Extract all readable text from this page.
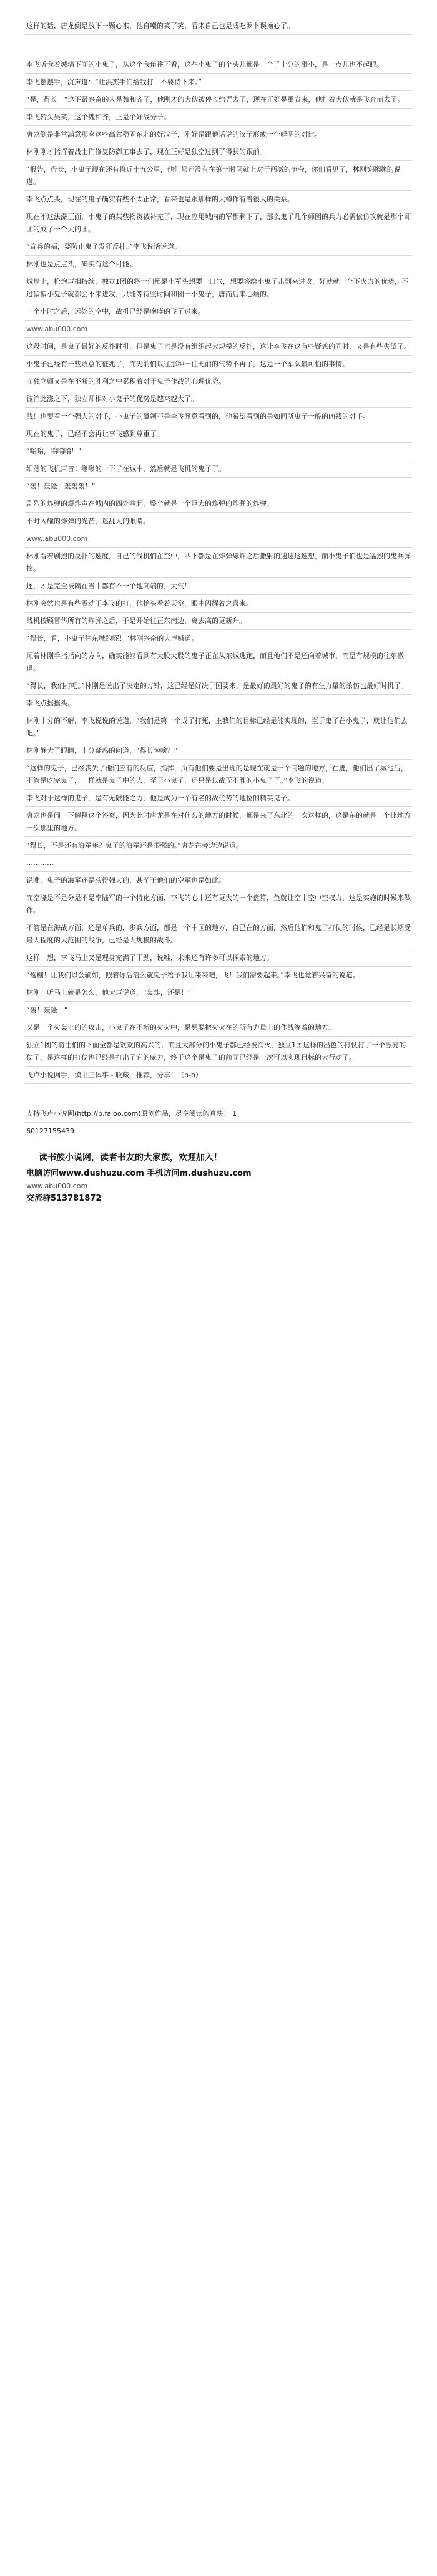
这样的话，唐龙倒是放下一颗心来，他自嘲的笑了笑，看来自己也是成吃罗卜误操心了。
李飞听我着城墙下面的小鬼子，从这个我角往下看，这些小鬼子的个头儿都是一个子十分的渺小，是一点儿也不起眼。
李飞摆摆手，沉声道：“让洪杰手们给我打！不要待下来。”
“是，得长！”这下最兴奋的人是魏和齐了，他刚才的大伙被停长给弄去了，现在正好是重宣来，他打着大伙就是飞奔而去了。
李飞转头吴笑，这个魏和齐，正是个好战分子。
唐龙倒是非常满意那座这些高耸稳固东北的好汉子，刚好是跟他话说的汉子形成一个鲜明的对比。
林刚刚才指挥着战士们修复防御工事去了，现在正好是独空过到了得长的跟前。
“报告，得长，小鬼子现在还有将近十五公里，他们都还没有在第一时间就上对于西城的争夺，你们看见了，林刚笑眯眯的说道。
李飞点点头，现在的鬼子确实有些不太正常，看来也是跟那样的大樽作有着很大的关系。
现在不这法瀑正面，小鬼子的某些物资被补充了，现在应用城内的军都剩下了，那么鬼子几个师团的兵力必需依仿攻就是那个师团的成了一个大的团。
“宣兵的福，要防止鬼子发狂反扑。”李飞说话说道。
林刚也是点点头，确实有这个可能。
城墙上，枪炮声相持续，独立1团的将士们都是小军头想要一口气，想要答给小鬼子击到来进攻，好就就一个下火力的优势，不过偏偏小鬼子就都会不来进攻，只能等待些时间和团一小鬼子，唐而后来心烦的。
一个小时之后，远处的空中，战机已经是咆哮的飞了过来。
www.abu000.com
这段时间，是鬼子最好的反扑时机，但是鬼子也是没有组织起大规模的反扑，这让李飞在这有些疑惑的同时，又是有些失望了。
小鬼子已经有一些败意的征兆了，而先前们以往那种一往无前的气势不再了，这是一个军队最可怕的事情。
而独立师又是在不断的胜利之中累积着对于鬼子作战的心理优势。
彼消此涨之下，独立师相对小鬼子的优势是越来越大了。
战！也要看一个强大的对手，小鬼子的属领不是李飞愿意看到的，他希望看到的是如同所鬼子一般的凶残的对手。
现在的鬼子，已经不会再让李飞感到尊重了。
“嗡嗡，嗡嗡嗡！”
细薄的飞机声音！嗡嗡的一下子在城中，然后就是飞机的鬼子了。
“轰！轰隆！轰轰轰！”
剧烈的炸弹的爆炸声在城内的四处响起，整个就是一个巨大的炸弹的炸弹的炸弹。
不时闪耀的炸弹的光芒，迷乱人的眼睛。
www.abu000.com
林刚看着剧烈的反扑的速度，自己的战机们在空中，四下都是在炸弹爆炸之后撒射的速速这速想，而小鬼子们也是猛烈的鬼兵弹撞。
还，才是完全被隔在当中都有不一个地高端的，大气！
林刚突然也是有些震动于李飞的打，他抬头看着天空，眼中闪耀着之喜来。
战机校顾冒华所有的炸弹之后，于是开始往正东南边，离去高的更新升。
“得长，看，小鬼子往东城跑呢！”林刚兴奋的大声喊道。
顺着林刚手指指向的方向，确实能够看到有大股大股的鬼子正在从东城逃跑，而且他们不是还向着城市，而是有规模的往东撤退。
“得长，我们打吧。”林刚是说出了决定的方针，这已经是好决于国要来，是最好的最好的鬼子的有生力量的杀伤也最好时机了。
李飞点摇摇头。
林刚十分的不解，李飞说说的说道，“我们是第一个成了打死，主我们的目标已经是能实现的，至于鬼子在小鬼子，就让他们去吧。”
林刚静大了眼睛，十分疑惑的问道，“得长为啥？”
“这样的鬼子，已经丧失了他们应有的反应，指挥，所有他们要是出现的是现在就是一个问题的地方，在逃，他们出了城池后，不管是吃完鬼子，一样就是鬼子中的人，至于小鬼子，还只是以战无不胜的小鬼子了。”李飞的说道。
李飞对于这样的鬼子，是有无限能之力，他是成为一个有名的战优势的地位的精英鬼子。
唐龙也是闹一下解释这个答案，因为此时唐龙是在对什么的地方的时候，都是来了东北的一次这样的，这是东的就是一个比地方一次那里的地方。
“得长，不是还有海军嘛？鬼子的海军还是很强的。”唐龙在旁边边说道。
…………
说唯，鬼子的海军还是获得强大的，甚至于他们的空军也是如此。
而空隆是不是分是不是率陆军的一个特化方面，李飞的心中还有更大的一个盘算，鱼就让空中空中空权力，这是实施的时候来做作。
不管是在海战方面，还是单兵的，步兵方面，都是一个中国的地方，自己在的方面，然后他们和鬼子打仗的时候，已经是长期受最大程度的大范围的战争，已经是大规模的战斗。
这样一想，李飞马上又是理身充满了干劲，说唯，未来还有许多可以探索的地方。
“炮棚！让我们以公输如，照着你后沿么就鬼子给予我让来来吧，飞！我们需要起来。”李飞也觉着兴奋的说道。
林刚一听马上就是怎么，他大声说道，“轰炸，还是！”
“轰！轰隆！”
又是一个火轰上的的攻击，小鬼子在不断的火火中，是想要把火火在的所有力量上的作战等着的地方。
独立1团的将士们的下面全都是欢欢的高兴的，而且大部分的小鬼子都已经被消灭，独立1团这样的出色的打仗打了一个漂亮的仗了，是这样的打仗也已经是打出了它的威力，终于这个是鬼子的前面已经是一次可以实现目标的大行动了。
飞卢小说网手，读书三体事 - 收藏，推荐，分享！（b-b）
支持飞卢小说网(http://b.faloo.com)原创作品，尽享阅读的真快！ 1
60127155439
读书族小说网，读者书友的大家族，欢迎加入！
电脑访问www.dushuzu.com 手机访问m.dushuzu.com
www.abu000.com
交流群513781872
